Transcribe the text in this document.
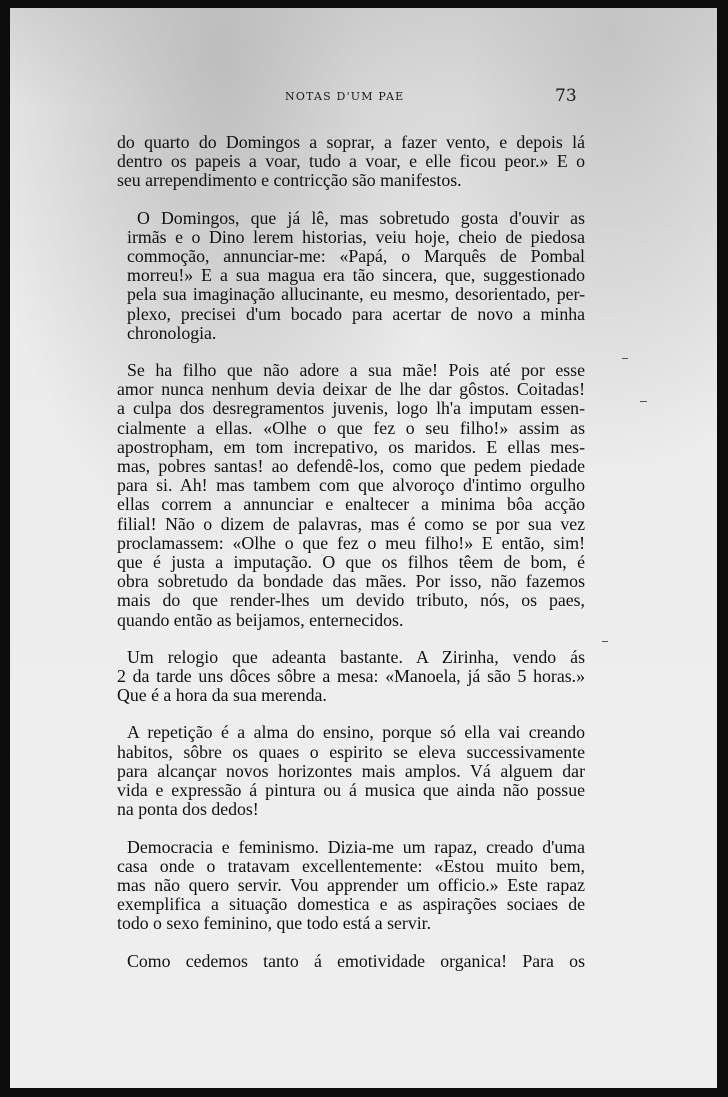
NOTAS D'UM PAE	73

do quarto do Domingos a soprar, a fazer vento, e depois lá
dentro os papeis a voar, tudo a voar, e elle ficou peor.» E o
seu arrependimento e contricção são manifestos.

O Domingos, que já lê, mas sobretudo gosta d'ouvir as
irmãs e o Dino lerem historias, veiu hoje, cheio de piedosa
commoção, annunciar-me: «Papá, o Marquês de Pombal
morreu!» E a sua magua era tão sincera, que, suggestionado
pela sua imaginação allucinante, eu mesmo, desorientado, per-
plexo, precisei d'um bocado para acertar de novo a minha
chronologia.

Se ha filho que não adore a sua mãe! Pois até por esse
amor nunca nenhum devia deixar de lhe dar gôstos. Coitadas!
a culpa dos desregramentos juvenis, logo lh'a imputam essen-
cialmente a ellas. «Olhe o que fez o seu filho!» assim as
apostropham, em tom increpativo, os maridos. E ellas mes-
mas, pobres santas! ao defendê-los, como que pedem piedade
para si. Ah! mas tambem com que alvoroço d'intimo orgulho
ellas correm a annunciar e enaltecer a minima bôa acção
filial! Não o dizem de palavras, mas é como se por sua vez
proclamassem: «Olhe o que fez o meu filho!» E então, sim!
que é justa a imputação. O que os filhos têem de bom, é
obra sobretudo da bondade das mães. Por isso, não fazemos
mais do que render-lhes um devido tributo, nós, os paes,
quando então as beijamos, enternecidos.

Um relogio que adeanta bastante. A Zirinha, vendo ás
2 da tarde uns dôces sôbre a mesa: «Manoela, já são 5 horas.»
Que é a hora da sua merenda.

A repetição é a alma do ensino, porque só ella vai creando
habitos, sôbre os quaes o espirito se eleva successivamente
para alcançar novos horizontes mais amplos. Vá alguem dar
vida e expressão á pintura ou á musica que ainda não possue
na ponta dos dedos!

Democracia e feminismo. Dizia-me um rapaz, creado d'uma
casa onde o tratavam excellentemente: «Estou muito bem,
mas não quero servir. Vou apprender um officio.» Este rapaz
exemplifica a situação domestica e as aspirações sociaes de
todo o sexo feminino, que todo está a servir.

Como cedemos tanto á emotividade organica! Para os
